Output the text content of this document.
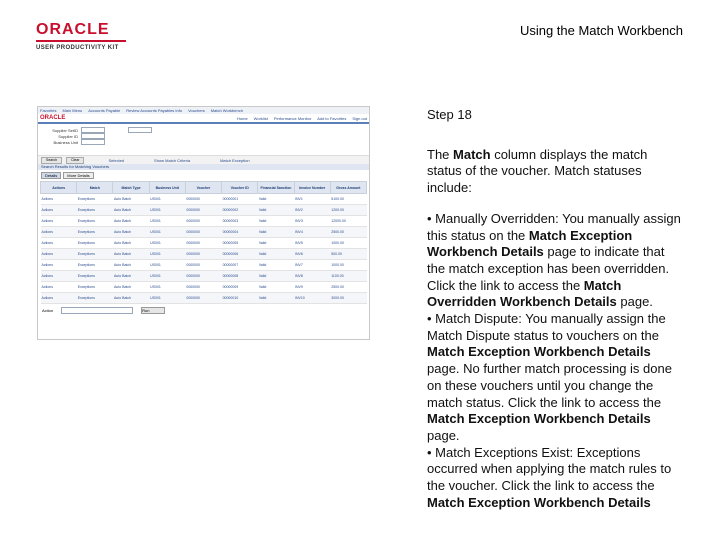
ORACLE
USER PRODUCTIVITY KIT
Using the Match Workbench
Favorites Main Menu Accounts Payable Review Accounts Payables Info Vouchers Match Workbench
ORACLE	Home Worklist Performance Monitor Add to Favorites Sign out
Supplier SetID
Supplier ID
Business Unit
Search	Clear	Selected	Show Match Criteria	Match Exception
Search Results for Matching Vouchers
Details	More Details
Actions	Match	Match Type	Business Unit	Voucher	Voucher ID	Financial Sanction	Invoice Number	Gross Amount
Actions	Exceptions	Auto Batch	US001	0000000	00000001	Valid	INV1	5100.00
Actions	Exceptions	Auto Batch	US001	0000000	00000002	Valid	INV2	1200.00
Actions	Exceptions	Auto Batch	US001	0000000	00000003	Valid	INV3	12000.00
Actions	Exceptions	Auto Batch	US001	0000000	00000004	Valid	INV4	2500.00
Actions	Exceptions	Auto Batch	US001	0000000	00000005	Valid	INV5	1000.00
Actions	Exceptions	Auto Batch	US001	0000000	00000006	Valid	INV6	500.00
Actions	Exceptions	Auto Batch	US001	0000000	00000007	Valid	INV7	1000.00
Actions	Exceptions	Auto Batch	US001	0000000	00000008	Valid	INV8	1100.00
Actions	Exceptions	Auto Batch	US001	0000000	00000009	Valid	INV9	2500.00
Actions	Exceptions	Auto Batch	US001	0000000	00000010	Valid	INV10	3000.00
Action	Run

Step 18

The Match column displays the match status of the voucher. Match statuses include:

• Manually Overridden: You manually assign this status on the Match Exception Workbench Details page to indicate that the match exception has been overridden. Click the link to access the Match Overridden Workbench Details page.

• Match Dispute: You manually assign the Match Dispute status to vouchers on the Match Exception Workbench Details page. No further match processing is done on these vouchers until you change the match status. Click the link to access the Match Exception Workbench Details page.

• Match Exceptions Exist: Exceptions occurred when applying the match rules to the voucher. Click the link to access the Match Exception Workbench Details
